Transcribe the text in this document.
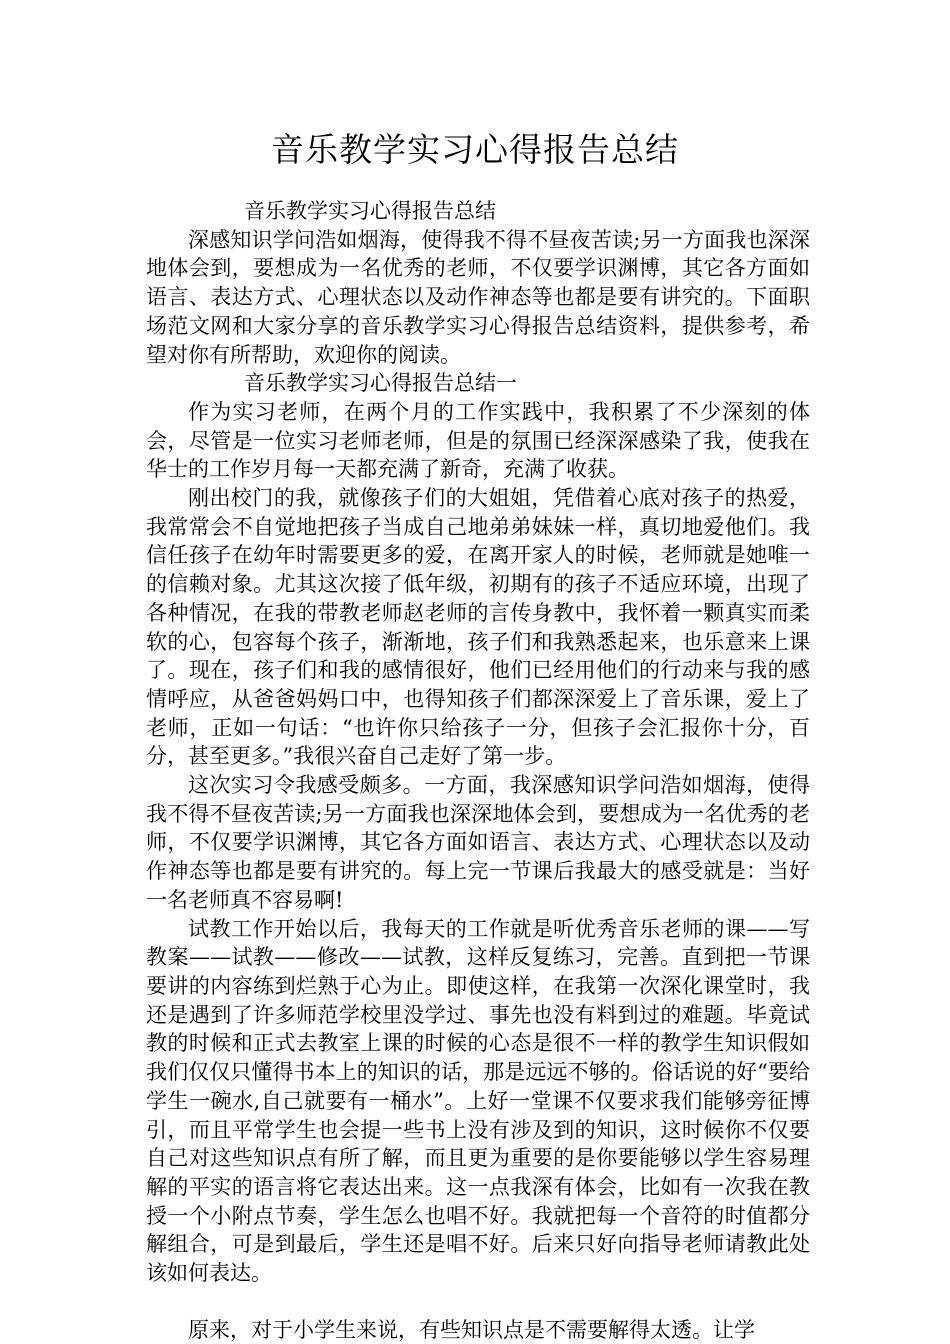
音乐教学实习心得报告总结

音乐教学实习心得报告总结

深感知识学问浩如烟海，使得我不得不昼夜苦读;另一方面我也深深地体会到，要想成为一名优秀的老师，不仅要学识渊博，其它各方面如语言、表达方式、心理状态以及动作神态等也都是要有讲究的。下面职场范文网和大家分享的音乐教学实习心得报告总结资料，提供参考，希望对你有所帮助，欢迎你的阅读。

音乐教学实习心得报告总结一

作为实习老师，在两个月的工作实践中，我积累了不少深刻的体会，尽管是一位实习老师老师，但是的氛围已经深深感染了我，使我在华士的工作岁月每一天都充满了新奇，充满了收获。

刚出校门的我，就像孩子们的大姐姐，凭借着心底对孩子的热爱，我常常会不自觉地把孩子当成自己地弟弟妹妹一样，真切地爱他们。我信任孩子在幼年时需要更多的爱，在离开家人的时候，老师就是她唯一的信赖对象。尤其这次接了低年级，初期有的孩子不适应环境，出现了各种情况，在我的带教老师赵老师的言传身教中，我怀着一颗真实而柔软的心，包容每个孩子，渐渐地，孩子们和我熟悉起来，也乐意来上课了。现在，孩子们和我的感情很好，他们已经用他们的行动来与我的感情呼应，从爸爸妈妈口中，也得知孩子们都深深爱上了音乐课，爱上了老师，正如一句话：“也许你只给孩子一分，但孩子会汇报你十分，百分，甚至更多。”我很兴奋自己走好了第一步。

这次实习令我感受颇多。一方面，我深感知识学问浩如烟海，使得我不得不昼夜苦读;另一方面我也深深地体会到，要想成为一名优秀的老师，不仅要学识渊博，其它各方面如语言、表达方式、心理状态以及动作神态等也都是要有讲究的。每上完一节课后我最大的感受就是：当好一名老师真不容易啊!

试教工作开始以后，我每天的工作就是听优秀音乐老师的课——写教案——试教——修改——试教，这样反复练习，完善。直到把一节课要讲的内容练到烂熟于心为止。即使这样，在我第一次深化课堂时，我还是遇到了许多师范学校里没学过、事先也没有料到过的难题。毕竟试教的时候和正式去教室上课的时候的心态是很不一样的教学生知识假如我们仅仅只懂得书本上的知识的话，那是远远不够的。俗话说的好“要给学生一碗水,自己就要有一桶水”。上好一堂课不仅要求我们能够旁征博引，而且平常学生也会提一些书上没有涉及到的知识，这时候你不仅要自己对这些知识点有所了解，而且更为重要的是你要能够以学生容易理解的平实的语言将它表达出来。这一点我深有体会，比如有一次我在教授一个小附点节奏，学生怎么也唱不好。我就把每一个音符的时值都分解组合，可是到最后，学生还是唱不好。后来只好向指导老师请教此处该如何表达。

原来，对于小学生来说，有些知识点是不需要解得太透。让学
